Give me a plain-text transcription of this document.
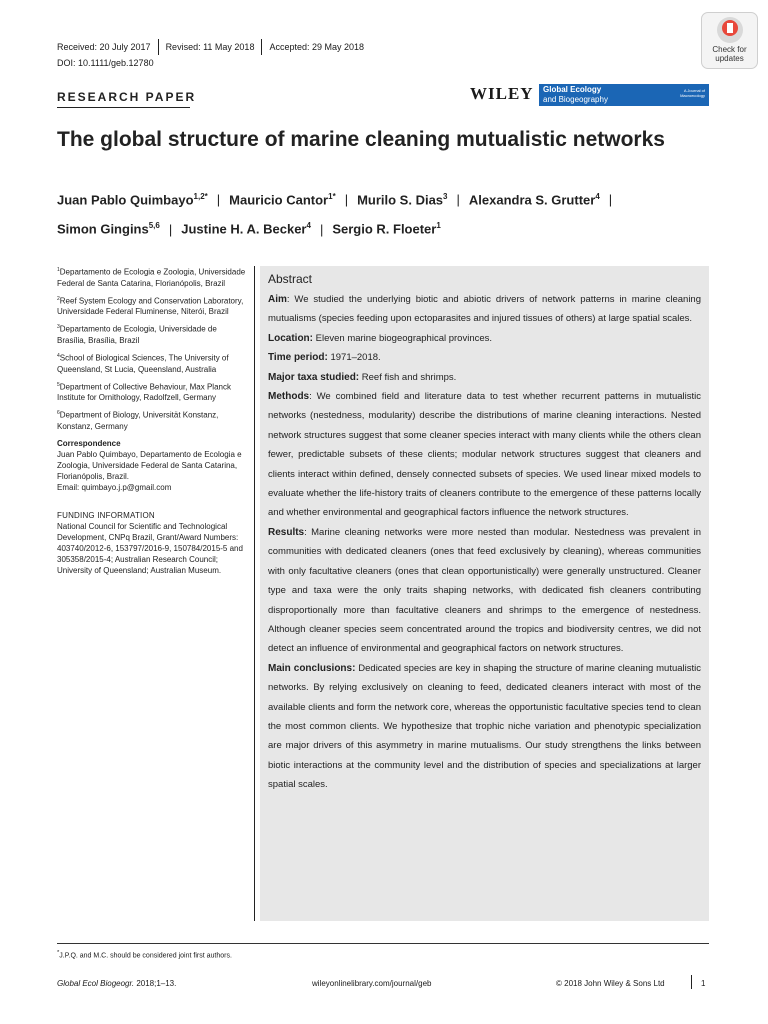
Received: 20 July 2017 Revised: 11 May 2018 Accepted: 29 May 2018
DOI: 10.1111/geb.12780
Check for
updates
RESEARCH PAPER	WILEY Global Ecology
and Biogeography
A Journal of Macroecology
The global structure of marine cleaning mutualistic networks
Juan Pablo Quimbayo$^{1,2*}$ | Mauricio Cantor$^{1*}$ | Murilo S. Dias$^3$ | Alexandra S. Grutter$^4$ |
Simon Gingins$^{5,6}$ | Justine H. A. Becker$^4$ | Sergio R. Floeter$^1$

$^1$Departamento de Ecologia e Zoologia, Universidade Federal de Santa Catarina, Florianópolis, Brazil

$^2$Reef System Ecology and Conservation Laboratory, Universidade Federal Fluminense, Niterói, Brazil

$^3$Departamento de Ecologia, Universidade de Brasília, Brasília, Brazil

$^4$School of Biological Sciences, The University of Queensland, St Lucia, Queensland, Australia

$^5$Department of Collective Behaviour, Max Planck Institute for Ornithology, Radolfzell, Germany

$^6$Department of Biology, Universität Konstanz, Konstanz, Germany

Correspondence

Juan Pablo Quimbayo, Departamento de Ecologia e Zoologia, Universidade Federal de Santa Catarina, Florianópolis, Brazil.
Email: quimbayo.j.p@gmail.com

FUNDING INFORMATION

National Council for Scientific and Technological Development, CNPq Brazil, Grant/Award Numbers: 403740/2012-6, 153797/2016-9, 150784/2015-5 and 305358/2015-4; Australian Research Council; University of Queensland; Australian Museum.

Abstract

Aim: We studied the underlying biotic and abiotic drivers of network patterns in marine cleaning mutualisms (species feeding upon ectoparasites and injured tissues of others) at large spatial scales.

Location: Eleven marine biogeographical provinces.

Time period: 1971–2018.

Major taxa studied: Reef fish and shrimps.

Methods: We combined field and literature data to test whether recurrent patterns in mutualistic networks (nestedness, modularity) describe the distributions of marine cleaning interactions. Nested network structures suggest that some cleaner species interact with many clients while the others clean fewer, predictable subsets of these clients; modular network structures suggest that cleaners and clients interact within defined, densely connected subsets of species. We used linear mixed models to evaluate whether the life-history traits of cleaners contribute to the emergence of these patterns locally and whether environmental and geographical factors influence the network structures.

Results: Marine cleaning networks were more nested than modular. Nestedness was prevalent in communities with dedicated cleaners (ones that feed exclusively by cleaning), whereas communities with only facultative cleaners (ones that clean opportunistically) were generally unstructured. Cleaner type and taxa were the only traits shaping networks, with dedicated fish cleaners contributing disproportionally more than facultative cleaners and shrimps to the emergence of nestedness. Although cleaner species seem concentrated around the tropics and biodiversity centres, we did not detect an influence of environmental and geographical factors on network structures.

Main conclusions: Dedicated species are key in shaping the structure of marine cleaning mutualistic networks. By relying exclusively on cleaning to feed, dedicated cleaners interact with most of the available clients and form the network core, whereas the opportunistic facultative species tend to clean the most common clients. We hypothesize that trophic niche variation and phenotypic specialization are major drivers of this asymmetry in marine mutualisms. Our study strengthens the links between biotic interactions at the community level and the distribution of species and specializations at larger spatial scales.

*J.P.Q. and M.C. should be considered joint first authors.
Global Ecol Biogeogr. 2018;1–13.	wileyonlinelibrary.com/journal/geb	© 2018 John Wiley & Sons Ltd	1
